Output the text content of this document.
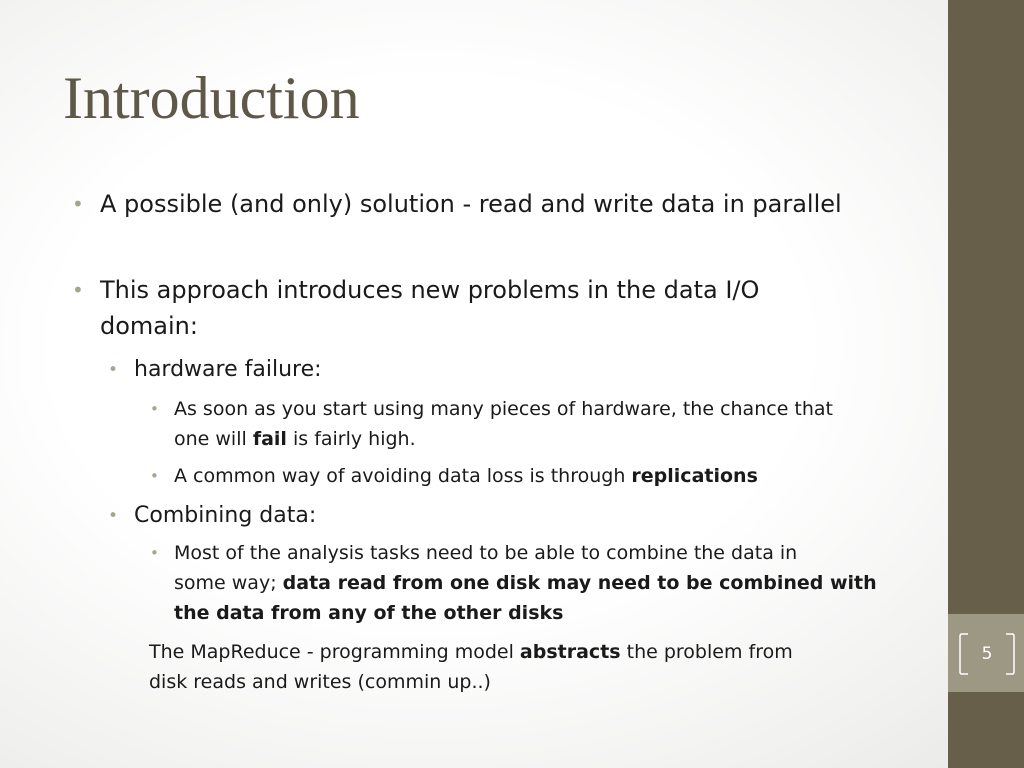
5
Introduction
• A possible (and only) solution - read and write data in parallel
• This approach introduces new problems in the data I/O
domain:
• hardware failure:
• As soon as you start using many pieces of hardware, the chance that
one will fail is fairly high.
• A common way of avoiding data loss is through replications
• Combining data:
• Most of the analysis tasks need to be able to combine the data in
some way; data read from one disk may need to be combined with
the data from any of the other disks
The MapReduce - programming model abstracts the problem from
disk reads and writes (commin up..)
